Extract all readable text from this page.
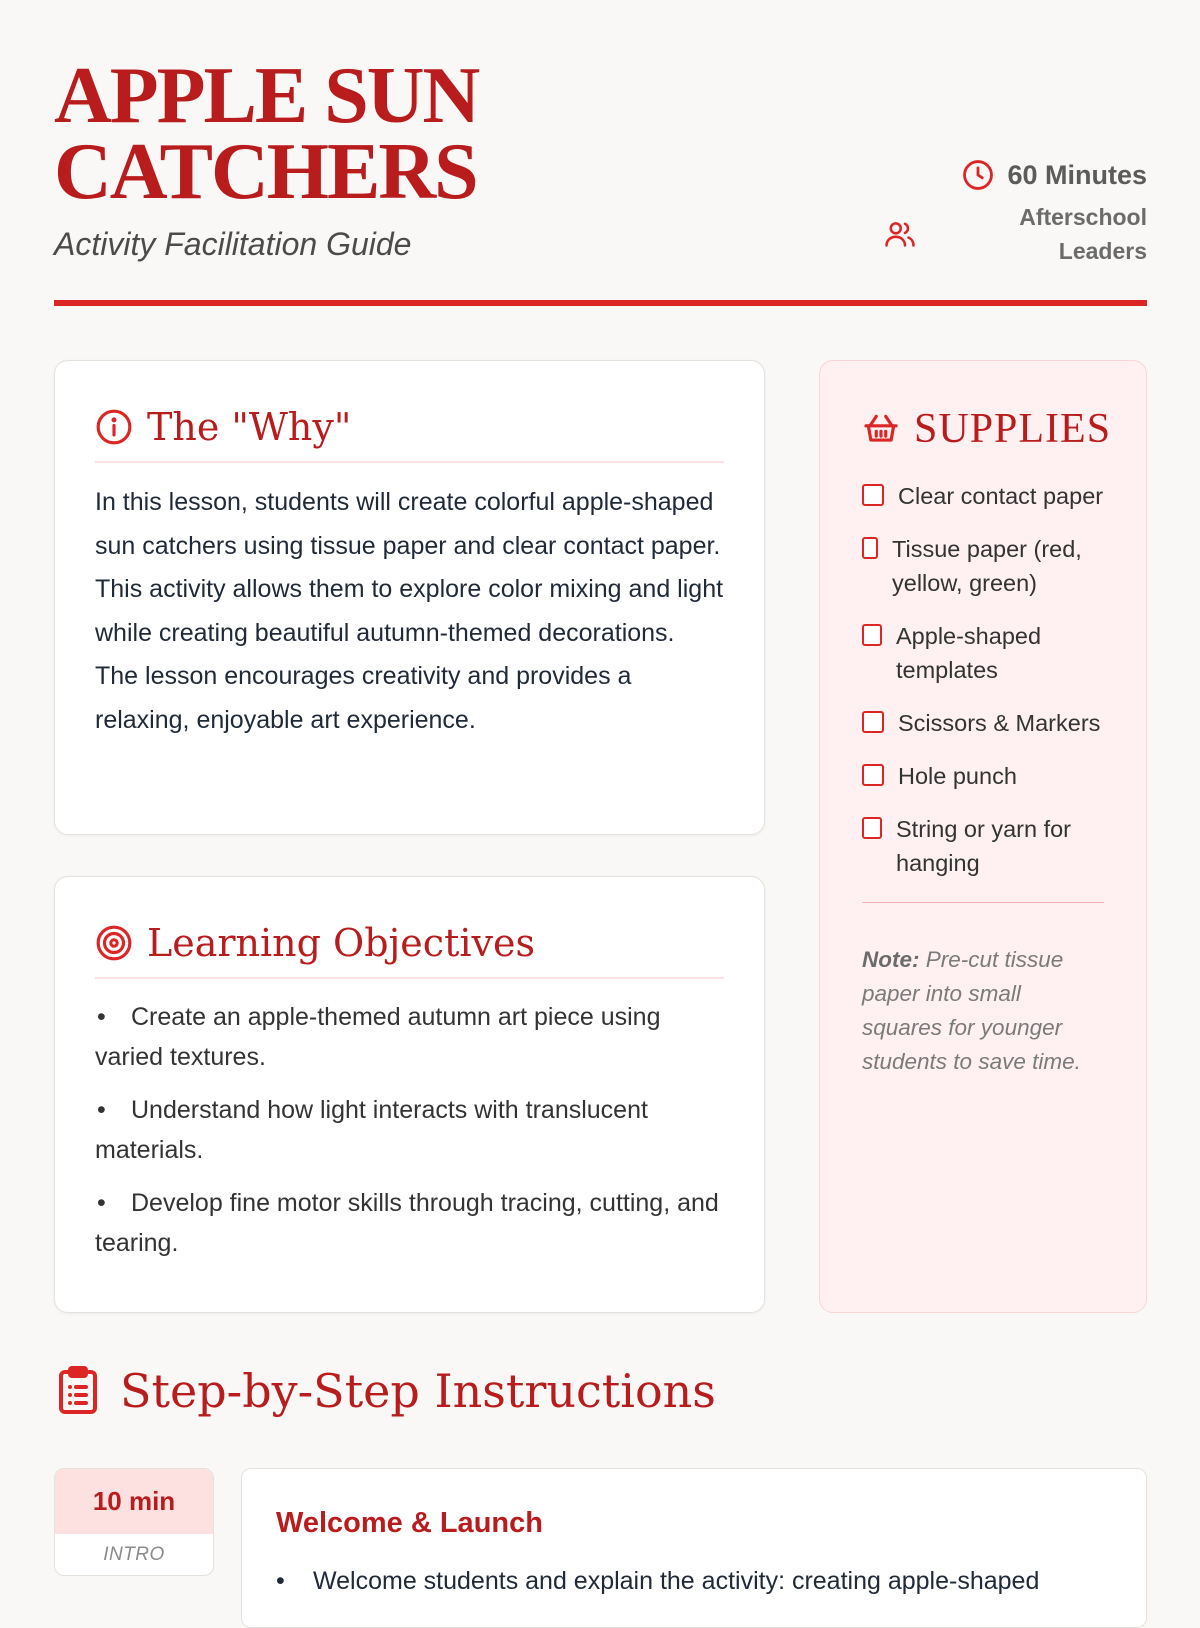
APPLE SUN
CATCHERS
Activity Facilitation Guide
60 Minutes
Afterschool Leaders
The "Why"
In this lesson, students will create colorful apple-shaped sun catchers using tissue paper and clear contact paper. This activity allows them to explore color mixing and light while creating beautiful autumn-themed decorations. The lesson encourages creativity and provides a relaxing, enjoyable art experience.
Learning Objectives
• Create an apple-themed autumn art piece using varied textures.
• Understand how light interacts with translucent materials.
• Develop fine motor skills through tracing, cutting, and tearing.
SUPPLIES
Clear contact paper
Tissue paper (red, yellow, green)
Apple-shaped templates
Scissors & Markers
Hole punch
String or yarn for hanging
Note: Pre-cut tissue paper into small squares for younger students to save time.
Step-by-Step Instructions
10 min
INTRO
Welcome & Launch
• Welcome students and explain the activity: creating apple-shaped
